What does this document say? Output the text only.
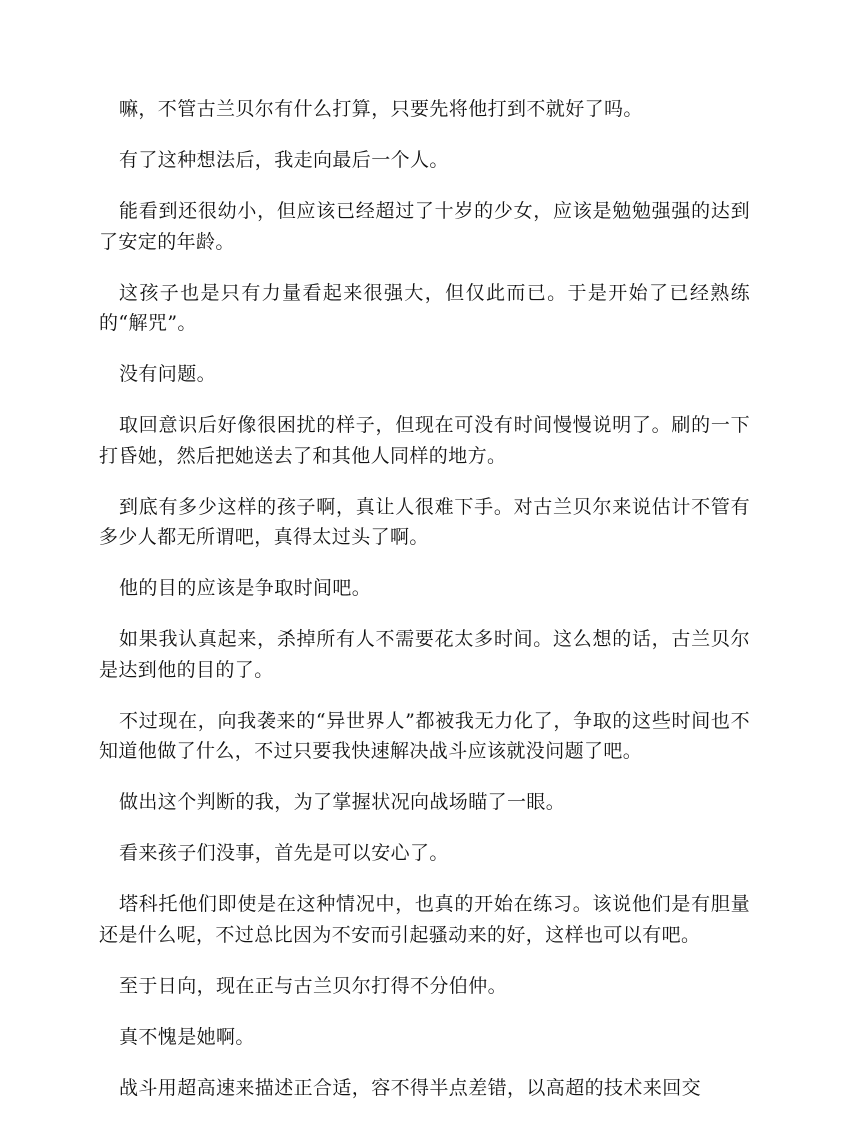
嘛，不管古兰贝尔有什么打算，只要先将他打到不就好了吗。

有了这种想法后，我走向最后一个人。

能看到还很幼小，但应该已经超过了十岁的少女，应该是勉勉强强的达到了安定的年龄。

这孩子也是只有力量看起来很强大，但仅此而已。于是开始了已经熟练的“解咒”。

没有问题。

取回意识后好像很困扰的样子，但现在可没有时间慢慢说明了。刷的一下打昏她，然后把她送去了和其他人同样的地方。

到底有多少这样的孩子啊，真让人很难下手。对古兰贝尔来说估计不管有多少人都无所谓吧，真得太过头了啊。

他的目的应该是争取时间吧。

如果我认真起来，杀掉所有人不需要花太多时间。这么想的话，古兰贝尔是达到他的目的了。

不过现在，向我袭来的“异世界人”都被我无力化了，争取的这些时间也不知道他做了什么，不过只要我快速解决战斗应该就没问题了吧。

做出这个判断的我，为了掌握状况向战场瞄了一眼。

看来孩子们没事，首先是可以安心了。

塔科托他们即使是在这种情况中，也真的开始在练习。该说他们是有胆量还是什么呢，不过总比因为不安而引起骚动来的好，这样也可以有吧。

至于日向，现在正与古兰贝尔打得不分伯仲。

真不愧是她啊。

战斗用超高速来描述正合适，容不得半点差错，以高超的技术来回交
